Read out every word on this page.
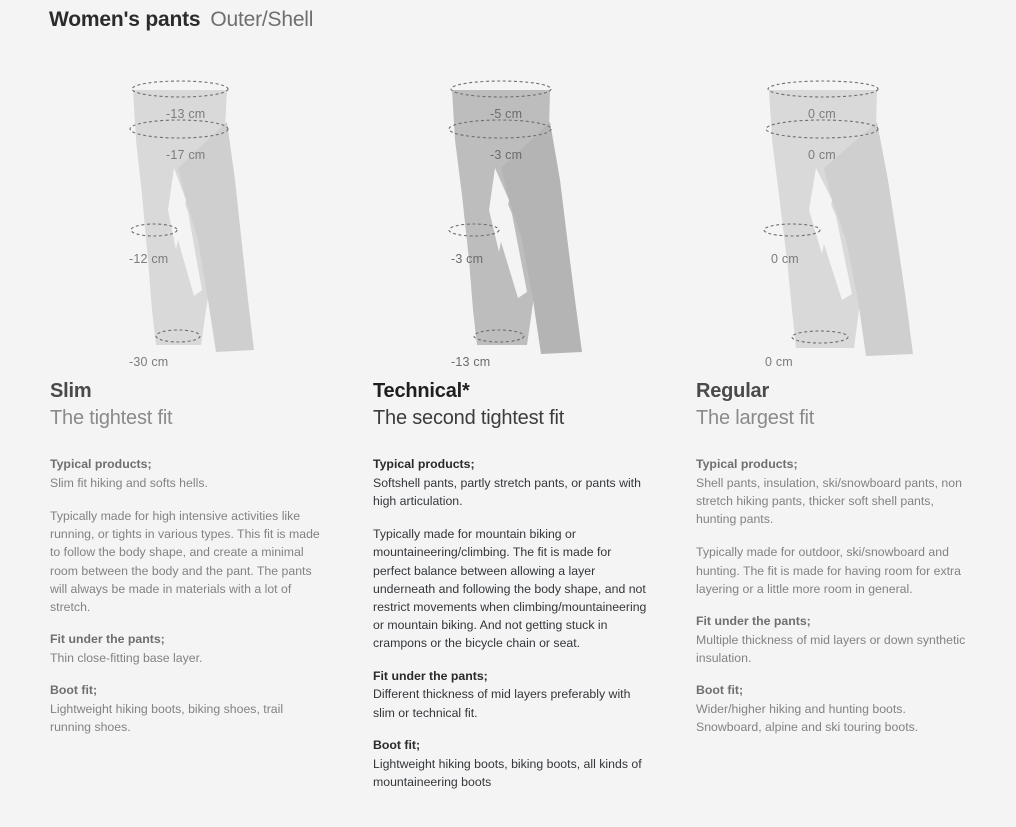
Women's pants Outer/Shell
-13 cm
-17 cm
-12 cm
-30 cm
Slim
The tightest fit

Typical products;

Slim fit hiking and softs hells.

Typically made for high intensive activities like running, or tights in various types. This fit is made to follow the body shape, and create a minimal room between the body and the pant. The pants will always be made in materials with a lot of stretch.

Fit under the pants;

Thin close-fitting base layer.

Boot fit;

Lightweight hiking boots, biking shoes, trail running shoes.

-5 cm
-3 cm
-3 cm
-13 cm
Technical*
The second tightest fit

Typical products;

Softshell pants, partly stretch pants, or pants with high articulation.

Typically made for mountain biking or mountaineering/climbing. The fit is made for perfect balance between allowing a layer underneath and following the body shape, and not restrict movements when climbing/mountaineering or mountain biking. And not getting stuck in crampons or the bicycle chain or seat.

Fit under the pants;

Different thickness of mid layers preferably with slim or technical fit.

Boot fit;

Lightweight hiking boots, biking boots, all kinds of mountaineering boots

0 cm
0 cm
0 cm
0 cm
Regular
The largest fit

Typical products;

Shell pants, insulation, ski/snowboard pants, non stretch hiking pants, thicker soft shell pants, hunting pants.

Typically made for outdoor, ski/snowboard and hunting. The fit is made for having room for extra layering or a little more room in general.

Fit under the pants;

Multiple thickness of mid layers or down synthetic insulation.

Boot fit;

Wider/higher hiking and hunting boots. Snowboard, alpine and ski touring boots.
